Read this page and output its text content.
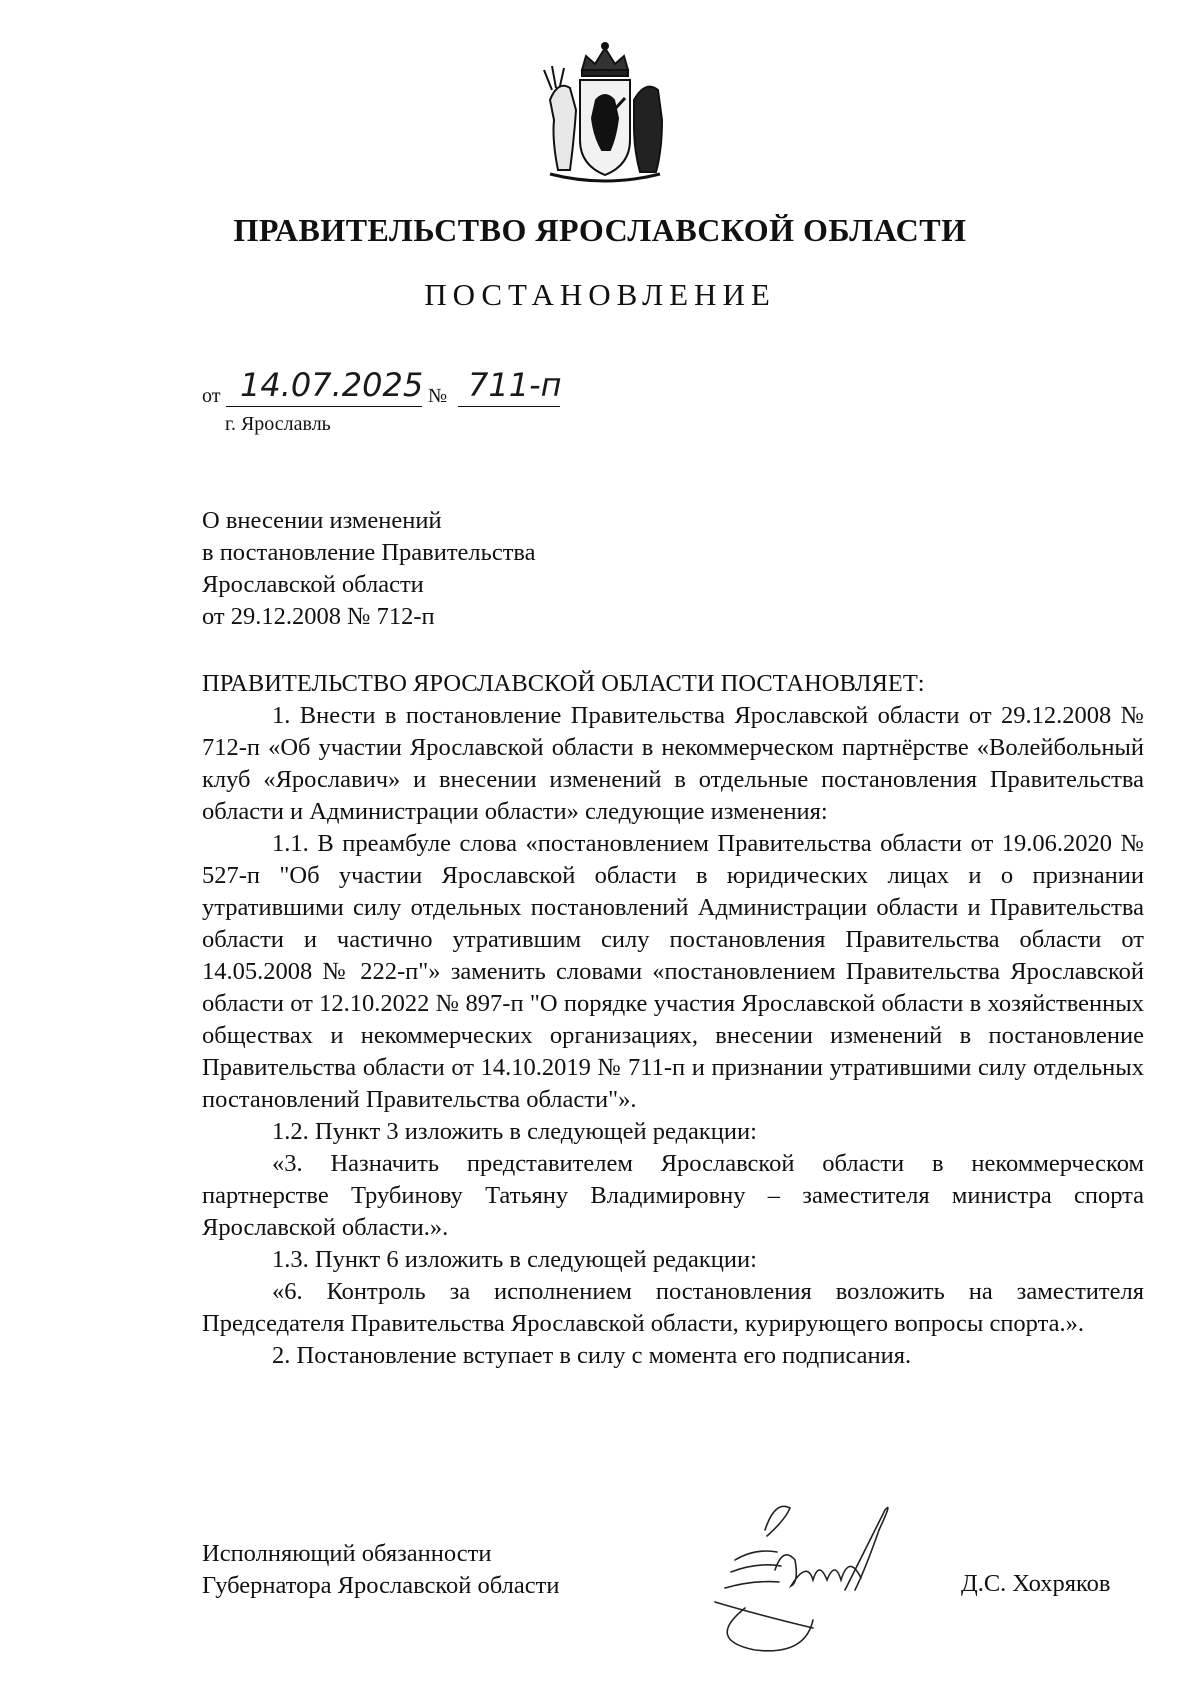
ПРАВИТЕЛЬСТВО ЯРОСЛАВСКОЙ ОБЛАСТИ
ПОСТАНОВЛЕНИЕ
от 14.07.2025 № 711-п
г. Ярославль
О внесении изменений
в постановление Правительства
Ярославской области
от 29.12.2008 № 712-п

ПРАВИТЕЛЬСТВО ЯРОСЛАВСКОЙ ОБЛАСТИ ПОСТАНОВЛЯЕТ:

1. Внести в постановление Правительства Ярославской области от 29.12.2008 № 712-п «Об участии Ярославской области в некоммерческом партнёрстве «Волейбольный клуб «Ярославич» и внесении изменений в отдельные постановления Правительства области и Администрации области» следующие изменения:

1.1. В преамбуле слова «постановлением Правительства области от 19.06.2020 № 527-п "Об участии Ярославской области в юридических лицах и о признании утратившими силу отдельных постановлений Администрации области и Правительства области и частично утратившим силу постановления Правительства области от 14.05.2008 № 222-п"» заменить словами «постановлением Правительства Ярославской области от 12.10.2022 № 897-п "О порядке участия Ярославской области в хозяйственных обществах и некоммерческих организациях, внесении изменений в постановление Правительства области от 14.10.2019 № 711-п и признании утратившими силу отдельных постановлений Правительства области"».

1.2. Пункт 3 изложить в следующей редакции:

«3. Назначить представителем Ярославской области в некоммерческом партнерстве Трубинову Татьяну Владимировну – заместителя министра спорта Ярославской области.».

1.3. Пункт 6 изложить в следующей редакции:

«6. Контроль за исполнением постановления возложить на заместителя Председателя Правительства Ярославской области, курирующего вопросы спорта.».

2. Постановление вступает в силу с момента его подписания.

Исполняющий обязанности
Губернатора Ярославской области	Д.С. Хохряков
